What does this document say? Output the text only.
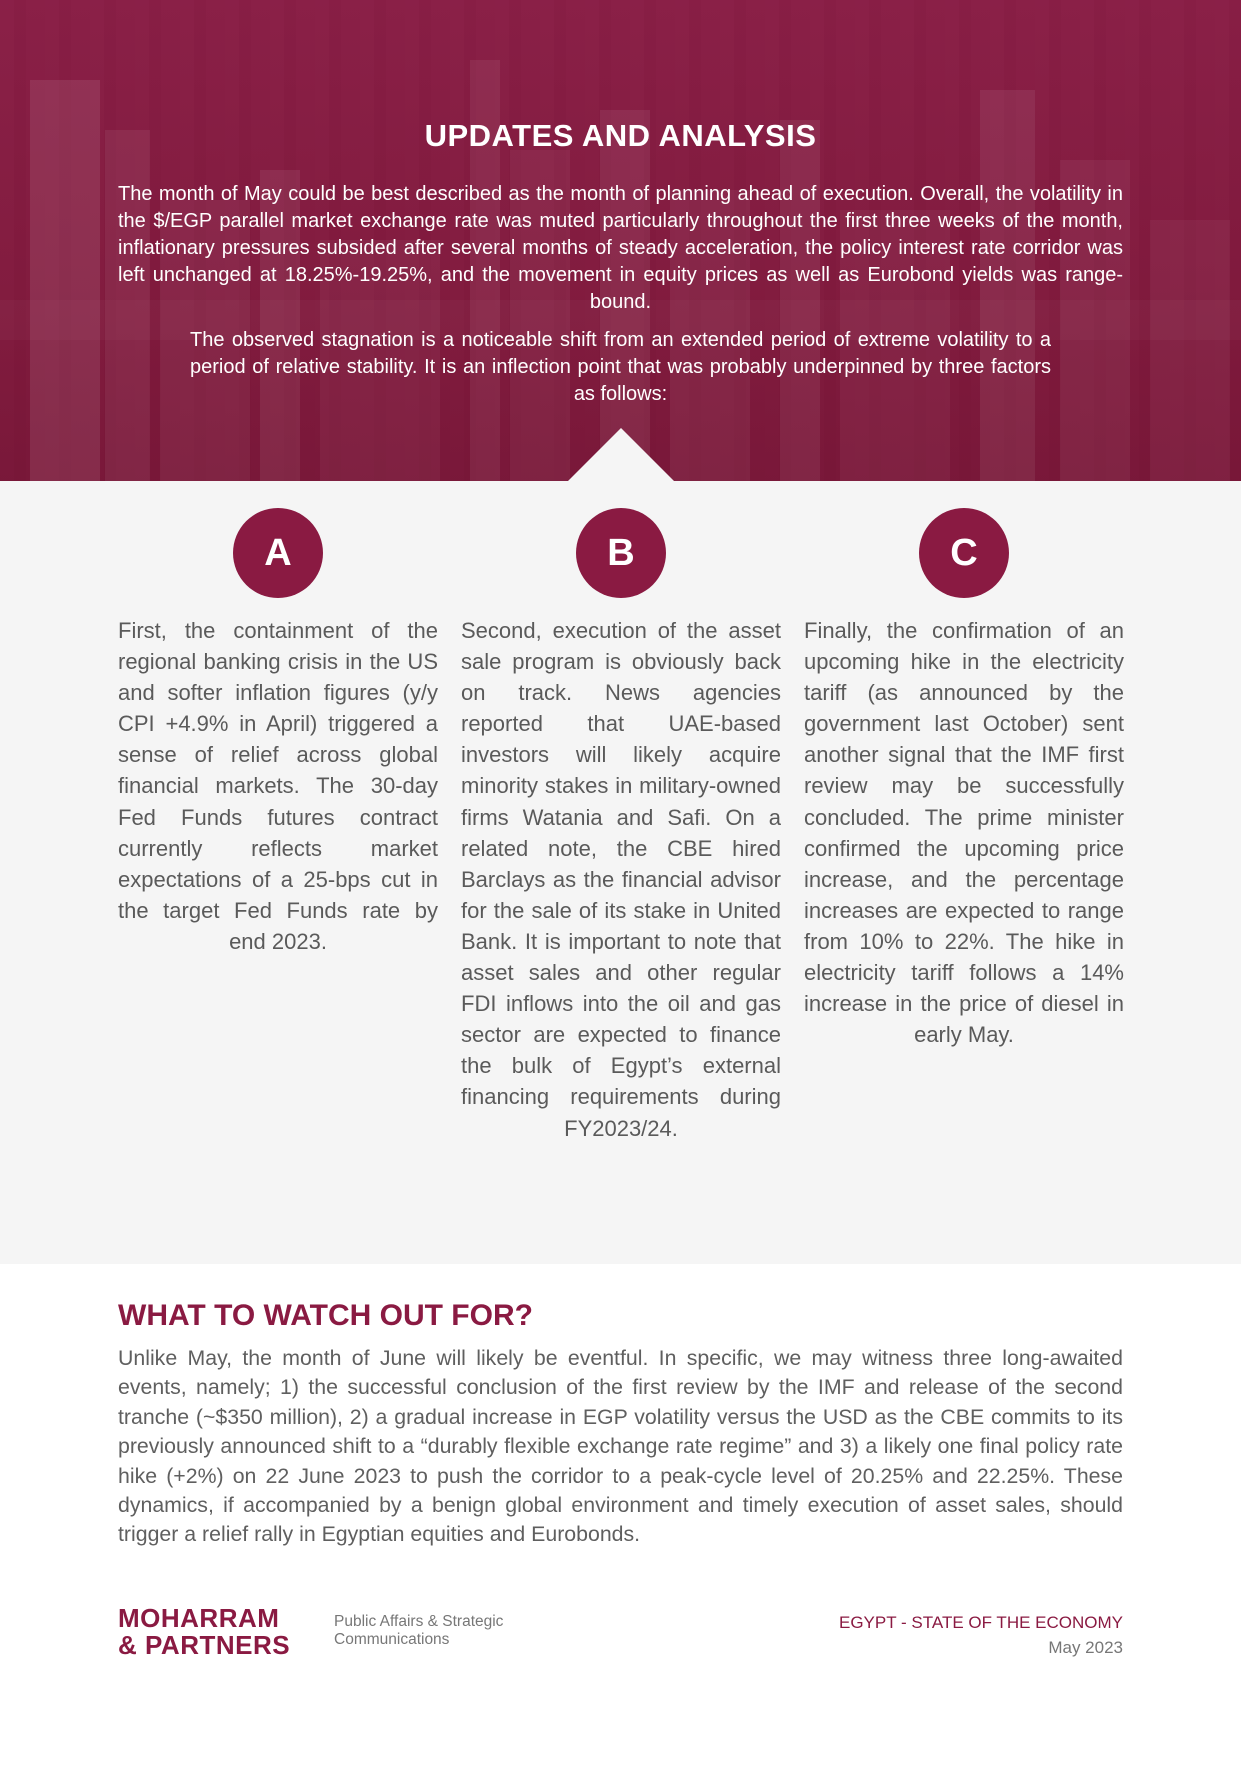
UPDATES AND ANALYSIS

The month of May could be best described as the month of planning ahead of execution. Overall, the volatility in the $/EGP parallel market exchange rate was muted particularly throughout the first three weeks of the month, inflationary pressures subsided after several months of steady acceleration, the policy interest rate corridor was left unchanged at 18.25%-19.25%, and the movement in equity prices as well as Eurobond yields was range-bound.

The observed stagnation is a noticeable shift from an extended period of extreme volatility to a period of relative stability. It is an inflection point that was probably underpinned by three factors as follows:

A	B	C

First, the containment of the regional banking crisis in the US and softer inflation figures (y/y CPI +4.9% in April) triggered a sense of relief across global financial markets. The 30-day Fed Funds futures contract currently reflects market expectations of a 25-bps cut in the target Fed Funds rate by end 2023.

Second, execution of the asset sale program is obviously back on track. News agencies reported that UAE-based investors will likely acquire minority stakes in military-owned firms Watania and Safi. On a related note, the CBE hired Barclays as the financial advisor for the sale of its stake in United Bank. It is important to note that asset sales and other regular FDI inflows into the oil and gas sector are expected to finance the bulk of Egypt’s external financing requirements during FY2023/24.

Finally, the confirmation of an upcoming hike in the electricity tariff (as announced by the government last October) sent another signal that the IMF first review may be successfully concluded. The prime minister confirmed the upcoming price increase, and the percentage increases are expected to range from 10% to 22%. The hike in electricity tariff follows a 14% increase in the price of diesel in early May.

WHAT TO WATCH OUT FOR?

Unlike May, the month of June will likely be eventful. In specific, we may witness three long-awaited events, namely; 1) the successful conclusion of the first review by the IMF and release of the second tranche (~$350 million), 2) a gradual increase in EGP volatility versus the USD as the CBE commits to its previously announced shift to a “durably flexible exchange rate regime” and 3) a likely one final policy rate hike (+2%) on 22 June 2023 to push the corridor to a peak-cycle level of 20.25% and 22.25%. These dynamics, if accompanied by a benign global environment and timely execution of asset sales, should trigger a relief rally in Egyptian equities and Eurobonds.

MOHARRAM
& PARTNERS
Public Affairs & Strategic
Communications
EGYPT - STATE OF THE ECONOMY
May 2023
